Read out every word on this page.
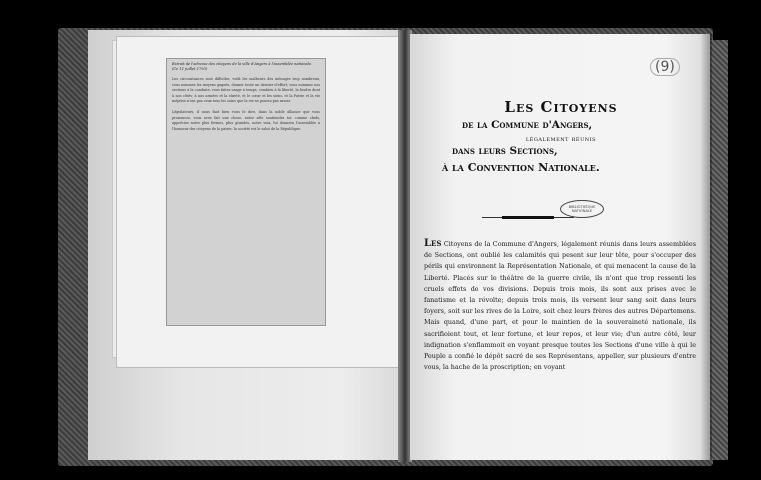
Extrait de l'adresse des citoyens de la ville d'Angers à l'assemblée nationale.
(Ce 11 juillet 1793)
Les circonstances sont difficiles, voilà les malheurs des ménages trop nombreux, vous nommez les moyens gagnés, donner toute un dernier d'effort; vous nommez nos sections à la conduite, vous faites usage à temps, combien à la liberté, la foudre dont à nos côtés; à nos armées et la sûreté, et le cœur et les siens, et la Patrie et la vie méprise n'ont pas ceux tous les soins que la vie ne pourra pas savoir.
Législateurs, il nous faut bien vous le dire, dans la noble alliance que vous prononcez, vous avez fait une chose, notre zèle soutiendra toi: comme chefs, appréciez notre plus fermes, plus grandes, notre voix, lui donnera l'assemblée à l'honneur des citoyens de la patrie; la société est le salut de la République.
(9)
Les Citoyens
de la Commune d'Angers,
légalement réunis
dans leurs Sections,
à la Convention Nationale.
BIBLIOTHÈQUE NATIONALE
Les Citoyens de la Commune d'Angers, légalement réunis dans leurs assemblées de Sections, ont oublié les calamités qui pesent sur leur tête, pour s'occuper des périls qui environnent la Représentation Nationale, et qui menacent la cause de la Liberté. Placés sur le théâtre de la guerre civile, ils n'ont que trop ressenti les cruels effets de vos divisions. Depuis trois mois, ils sont aux prises avec le fanatisme et la révolte; depuis trois mois, ils versent leur sang soit dans leurs foyers, soit sur les rives de la Loire, soit chez leurs frères des autres Départemens. Mais quand, d'une part, et pour le maintien de la souveraineté nationale, ils sacrifioient tout, et leur fortune, et leur repos, et leur vie; d'un autre côté, leur indignation s'enflammoit en voyant presque toutes les Sections d'une ville à qui le Peuple a confié le dépôt sacré de ses Représentans, appeller, sur plusieurs d'entre vous, la hache de la proscription; en voyant
